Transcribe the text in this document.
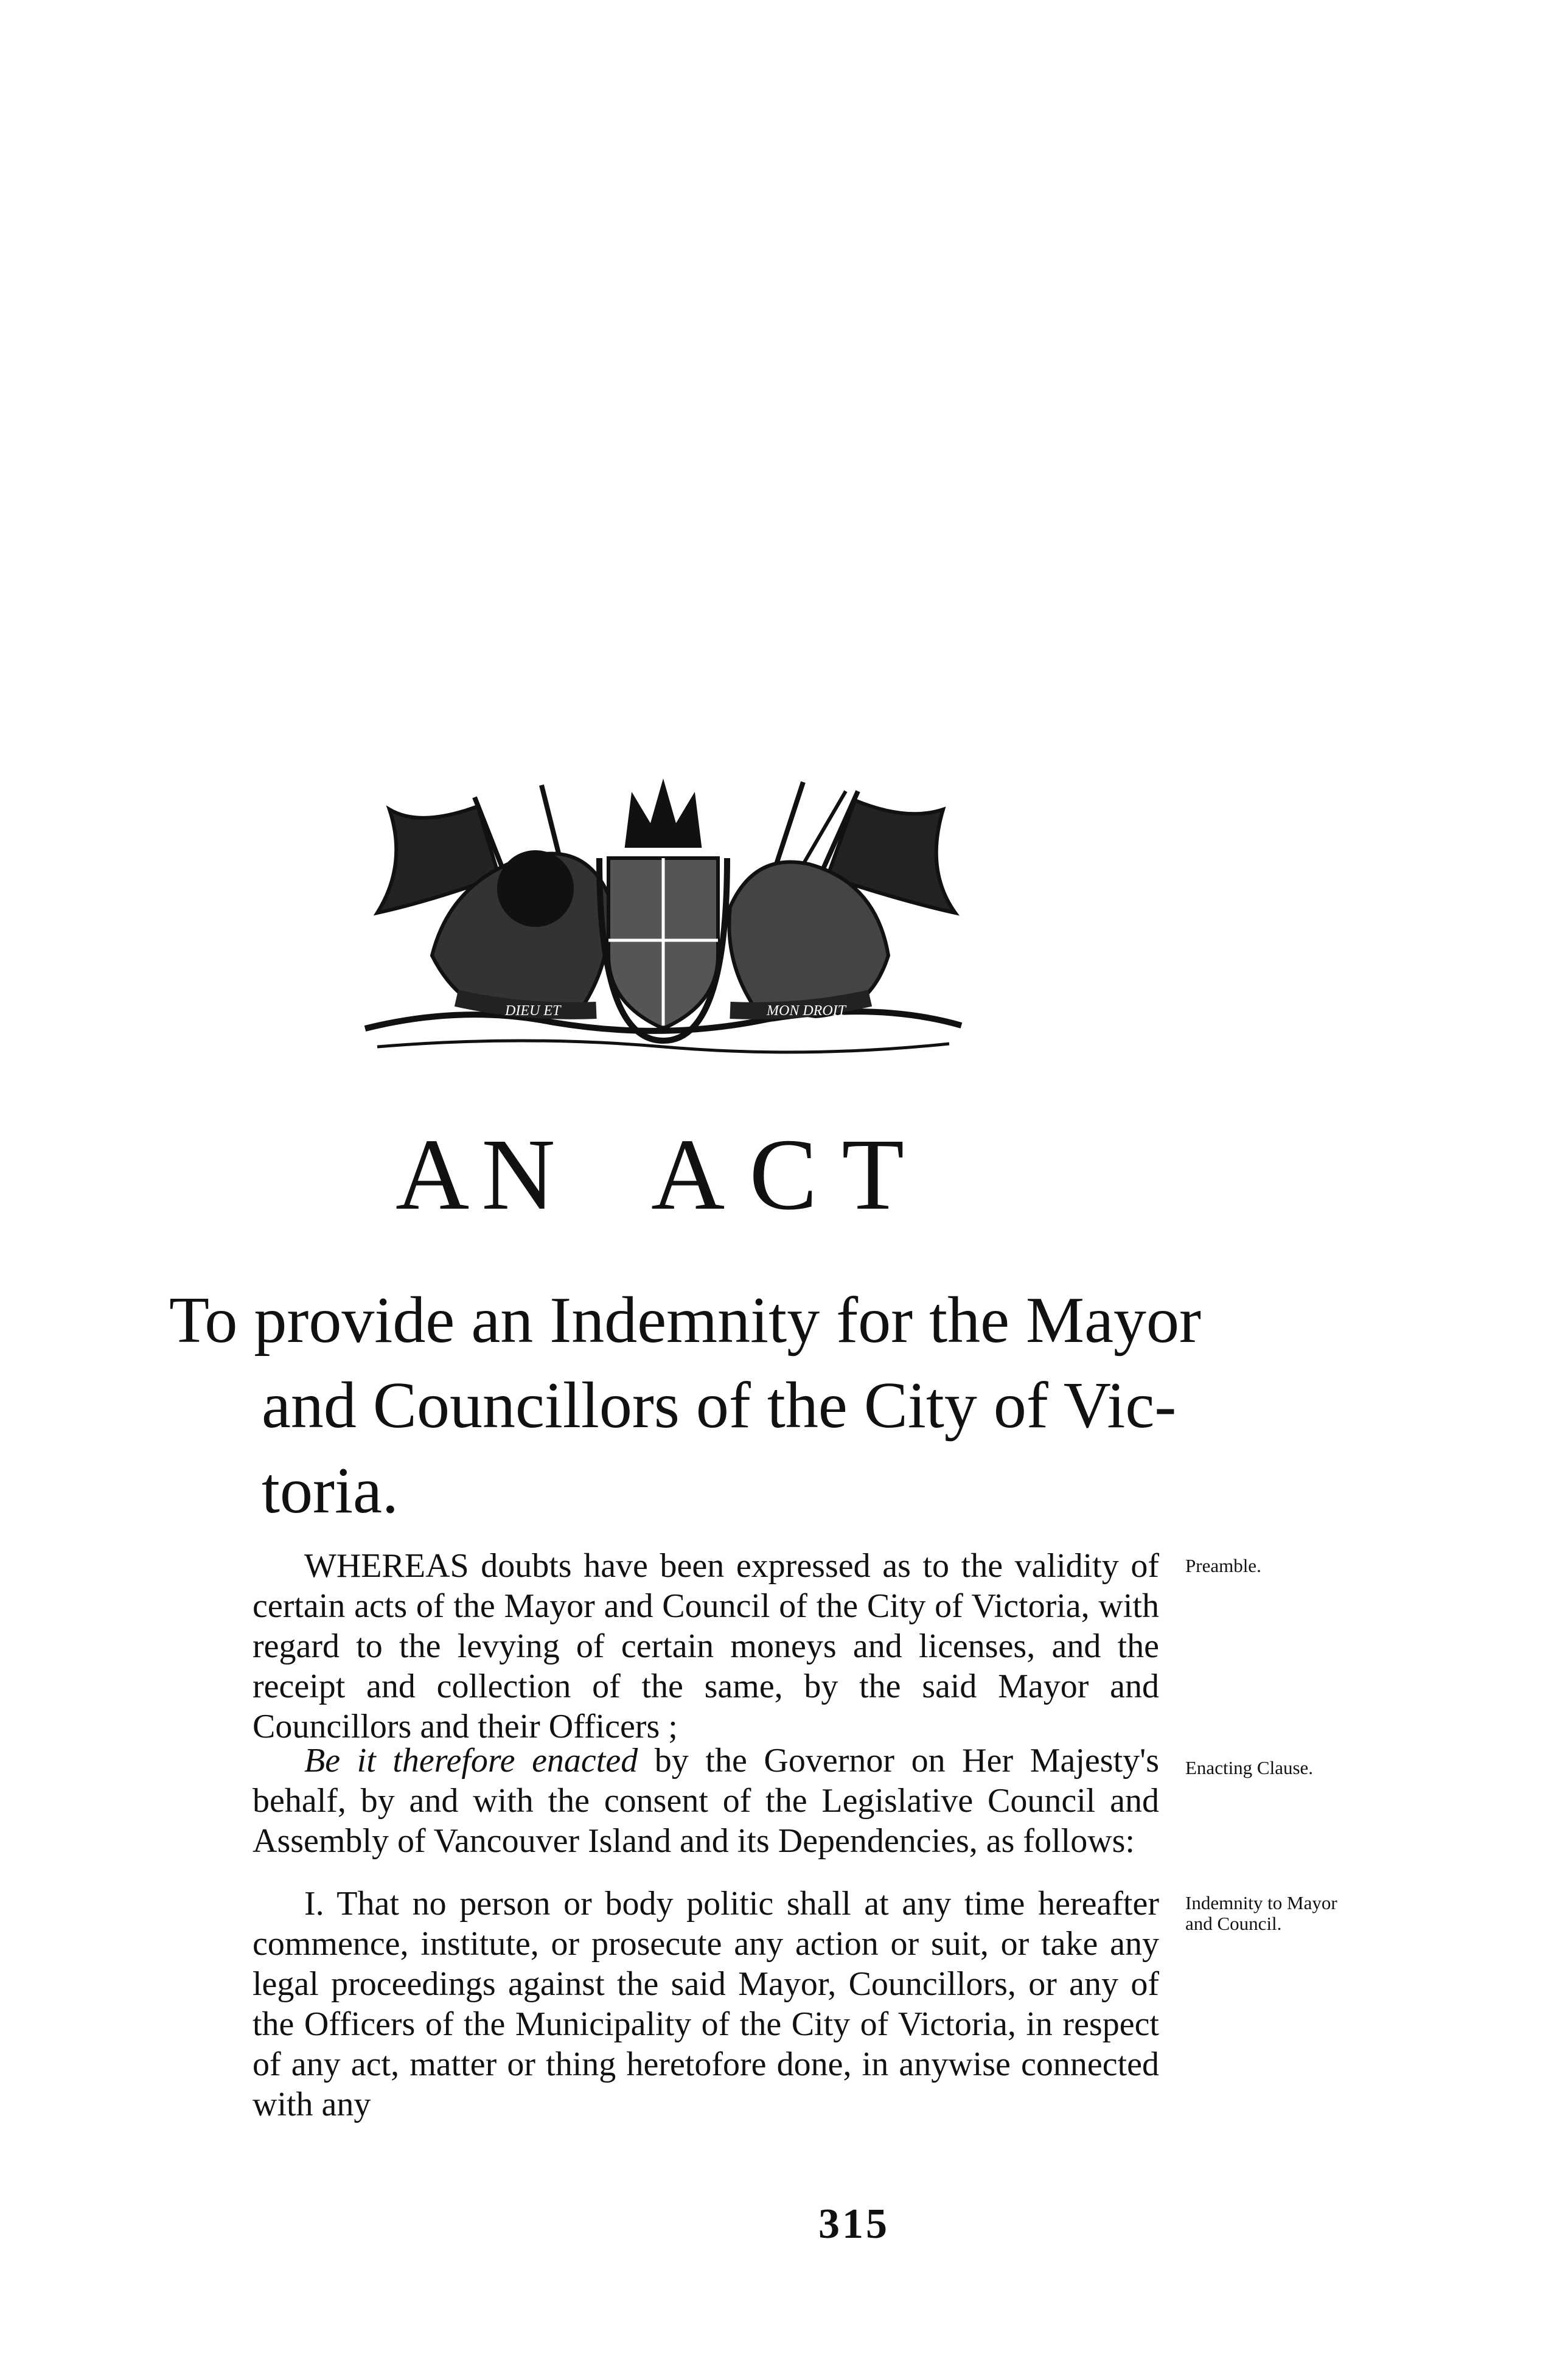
DIEU ET	MON DROIT
AN ACT
To provide an Indemnity for the Mayor
and Councillors of the City of Vic-
toria.
WHEREAS doubts have been expressed as to the validity of certain acts of the Mayor and Council of the City of Victoria, with regard to the levying of certain moneys and licenses, and the receipt and collection of the same, by the said Mayor and Councillors and their Officers ;
Preamble.
Be it therefore enacted by the Governor on Her Majesty's behalf, by and with the consent of the Legislative Council and Assembly of Vancouver Island and its Dependencies, as follows:
Enacting Clause.
I. That no person or body politic shall at any time hereafter commence, institute, or prosecute any action or suit, or take any legal proceedings against the said Mayor, Councillors, or any of the Officers of the Municipality of the City of Victoria, in respect of any act, matter or thing heretofore done, in anywise connected with any
Indemnity to Mayor and Council.
315
